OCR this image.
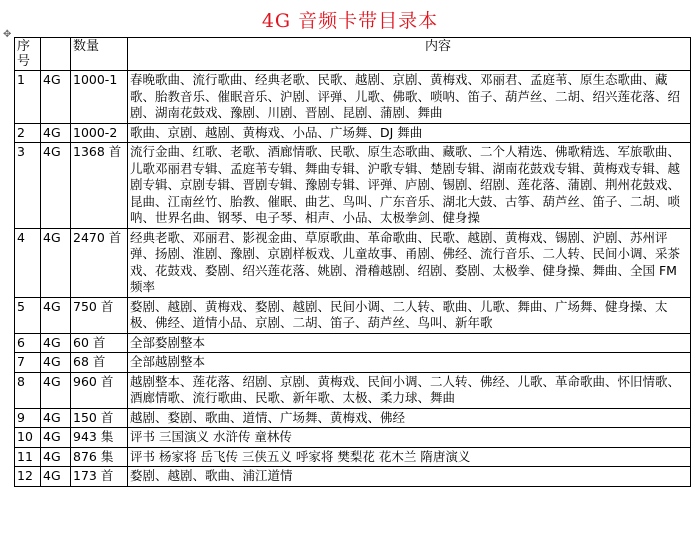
4G 音频卡带目录本
✥
序号		数量	内容
1	4G	1000-1	春晚歌曲、流行歌曲、经典老歌、民歌、越剧、京剧、黄梅戏、邓丽君、孟庭苇、原生态歌曲、藏歌、胎教音乐、催眠音乐、沪剧、评弹、儿歌、佛歌、唢呐、笛子、葫芦丝、二胡、绍兴莲花落、绍剧、湖南花鼓戏、豫剧、川剧、晋剧、昆剧、蒲剧、舞曲
2	4G	1000-2	歌曲、京剧、越剧、黄梅戏、小品、广场舞、DJ 舞曲
3	4G	1368 首	流行金曲、红歌、老歌、酒廊情歌、民歌、原生态歌曲、藏歌、二个人精选、佛歌精选、军旅歌曲、儿歌邓丽君专辑、孟庭苇专辑、舞曲专辑、沪歌专辑、楚剧专辑、湖南花鼓戏专辑、黄梅戏专辑、越剧专辑、京剧专辑、晋剧专辑、豫剧专辑、评弹、庐剧、锡剧、绍剧、莲花落、蒲剧、荆州花鼓戏、昆曲、江南丝竹、胎教、催眠、曲艺、鸟叫、广东音乐、湖北大鼓、古筝、葫芦丝、笛子、二胡、唢呐、世界名曲、钢琴、电子琴、相声、小品、太极拳剑、健身操
4	4G	2470 首	经典老歌、邓丽君、影视金曲、草原歌曲、革命歌曲、民歌、越剧、黄梅戏、锡剧、沪剧、苏州评弹、扬剧、淮剧、豫剧、京剧样板戏、儿童故事、甬剧、佛经、流行音乐、二人转、民间小调、采茶戏、花鼓戏、婺剧、绍兴莲花落、姚剧、滑稽越剧、绍剧、婺剧、太极拳、健身操、舞曲、全国 FM 频率
5	4G	750 首	婺剧、越剧、黄梅戏、婺剧、越剧、民间小调、二人转、歌曲、儿歌、舞曲、广场舞、健身操、太极、佛经、道情小品、京剧、二胡、笛子、葫芦丝、鸟叫、新年歌
6	4G	60 首	全部婺剧整本
7	4G	68 首	全部越剧整本
8	4G	960 首	越剧整本、莲花落、绍剧、京剧、黄梅戏、民间小调、二人转、佛经、儿歌、革命歌曲、怀旧情歌、酒廊情歌、流行歌曲、民歌、新年歌、太极、柔力球、舞曲
9	4G	150 首	越剧、婺剧、歌曲、道情、广场舞、黄梅戏、佛经
10	4G	943 集	评书 三国演义 水浒传 童林传
11	4G	876 集	评书 杨家将 岳飞传 三侠五义 呼家将 樊梨花 花木兰 隋唐演义
12	4G	173 首	婺剧、越剧、歌曲、浦江道情
